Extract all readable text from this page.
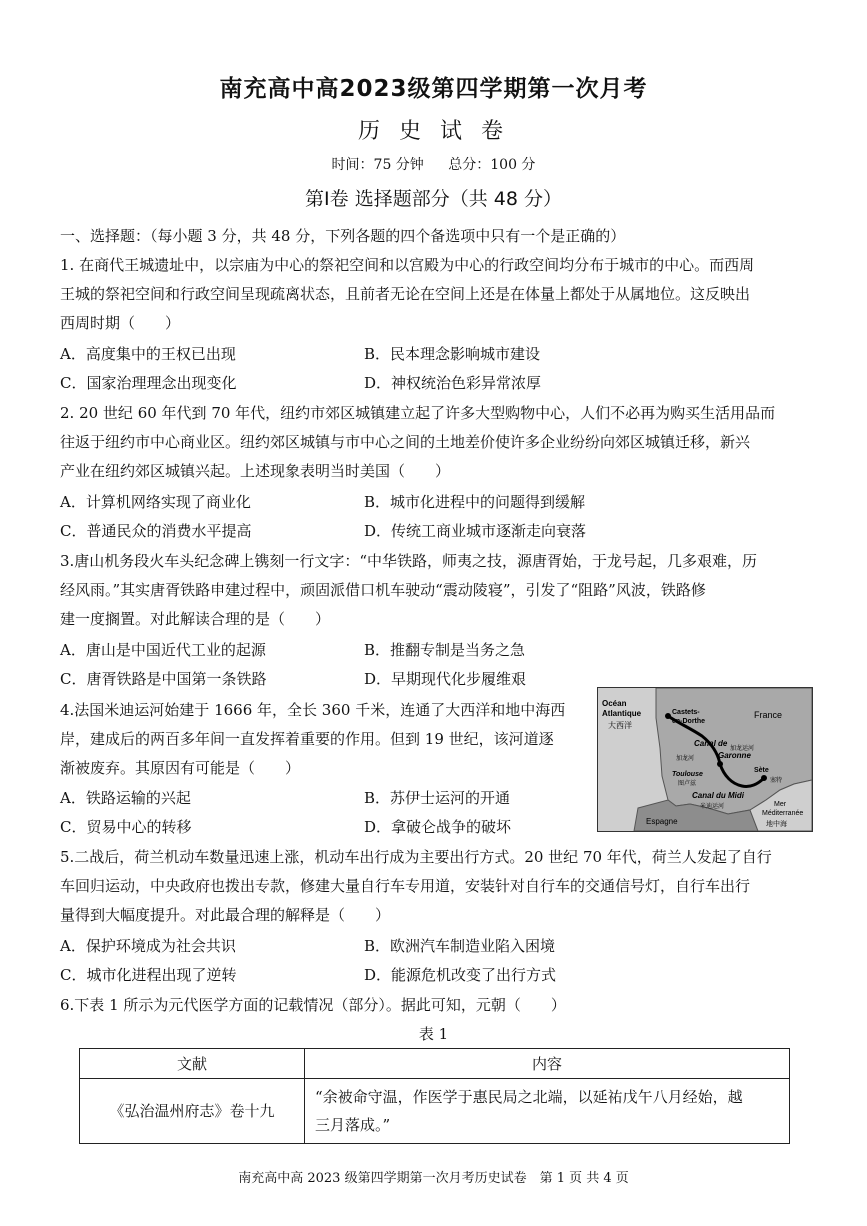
南充高中高2023级第四学期第一次月考
历 史 试 卷
时间：75 分钟 总分：100 分
第Ⅰ卷 选择题部分（共 48 分）
一、选择题：（每小题 3 分，共 48 分，下列各题的四个备选项中只有一个是正确的）
1. 在商代王城遗址中，以宗庙为中心的祭祀空间和以宫殿为中心的行政空间均分布于城市的中心。而西周
王城的祭祀空间和行政空间呈现疏离状态，且前者无论在空间上还是在体量上都处于从属地位。这反映出
西周时期（　　）
A．高度集中的王权已出现	B．民本理念影响城市建设
C．国家治理理念出现变化	D．神权统治色彩异常浓厚
2. 20 世纪 60 年代到 70 年代，纽约市郊区城镇建立起了许多大型购物中心，人们不必再为购买生活用品而
往返于纽约市中心商业区。纽约郊区城镇与市中心之间的土地差价使许多企业纷纷向郊区城镇迁移，新兴
产业在纽约郊区城镇兴起。上述现象表明当时美国（　　）
A．计算机网络实现了商业化	B．城市化进程中的问题得到缓解
C．普通民众的消费水平提高	D．传统工商业城市逐渐走向衰落
3.唐山机务段火车头纪念碑上镌刻一行文字：“中华铁路，师夷之技，源唐胥始，于龙号起，几多艰难，历
经风雨。”其实唐胥铁路申建过程中，顽固派借口机车驶动“震动陵寝”，引发了“阻路”风波，铁路修
建一度搁置。对此解读合理的是（　　）
A．唐山是中国近代工业的起源	B．推翻专制是当务之急
C．唐胥铁路是中国第一条铁路	D．早期现代化步履维艰
4.法国米迪运河始建于 1666 年，全长 360 千米，连通了大西洋和地中海西
岸，建成后的两百多年间一直发挥着重要的作用。但到 19 世纪，该河道逐
渐被废弃。其原因有可能是（　　）
A．铁路运输的兴起	B．苏伊士运河的开通
C．贸易中心的转移	D．拿破仑战争的破坏
Océan
Atlantique
大西洋
Castets-
en-Dorthe
France
Canal de
加龙运河
Garonne
加龙河
Toulouse
图卢兹
Sète
塞特
Canal du Midi
米迪运河	Mer
Méditerranée
地中海
Espagne
5.二战后，荷兰机动车数量迅速上涨，机动车出行成为主要出行方式。20 世纪 70 年代，荷兰人发起了自行
车回归运动，中央政府也拨出专款，修建大量自行车专用道，安装针对自行车的交通信号灯，自行车出行
量得到大幅度提升。对此最合理的解释是（　　）
A．保护环境成为社会共识	B．欧洲汽车制造业陷入困境
C．城市化进程出现了逆转	D．能源危机改变了出行方式
6.下表 1 所示为元代医学方面的记载情况（部分）。据此可知，元朝（　　）
表 1
文献	内容
《弘治温州府志》卷十九	“余被命守温，作医学于惠民局之北端，以延祐戊午八月经始，越
三月落成。”
南充高中高 2023 级第四学期第一次月考历史试卷　第 1 页 共 4 页
